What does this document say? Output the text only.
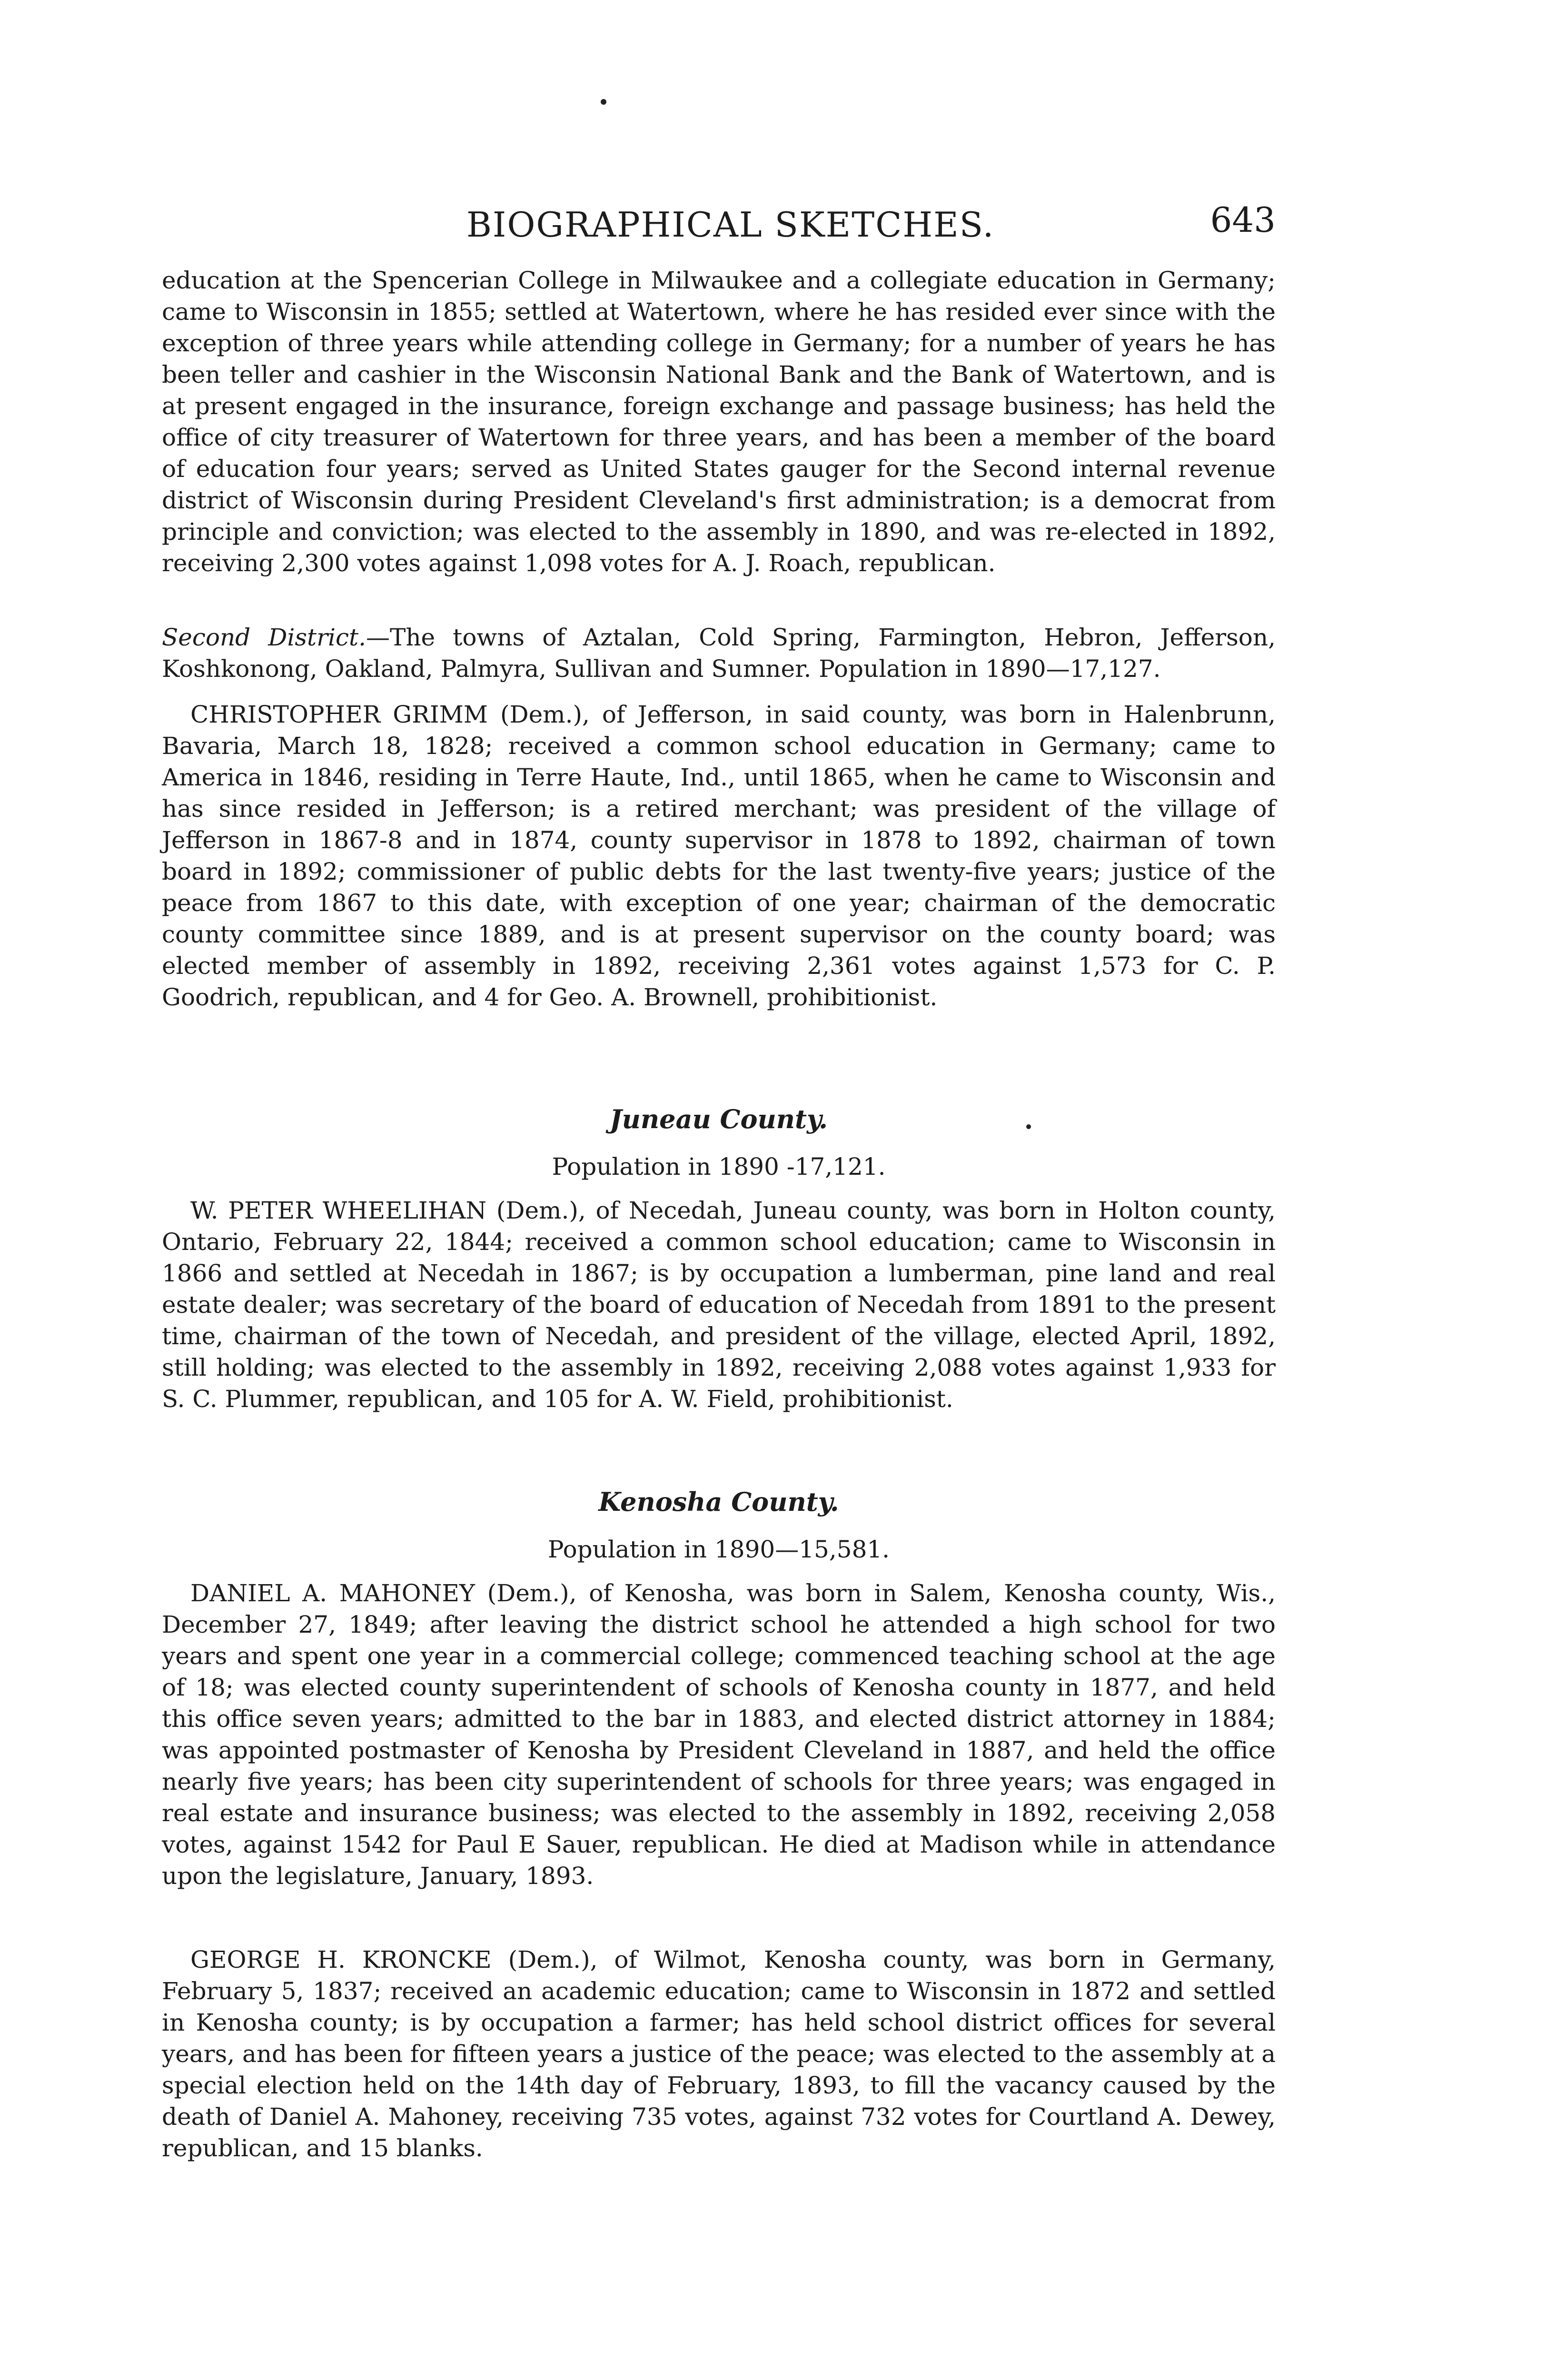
BIOGRAPHICAL SKETCHES.	643

education at the Spencerian College in Milwaukee and a collegiate education in Germany; came to Wisconsin in 1855; settled at Watertown, where he has resided ever since with the exception of three years while attending college in Germany; for a number of years he has been teller and cashier in the Wisconsin National Bank and the Bank of Watertown, and is at present engaged in the insurance, foreign exchange and passage business; has held the office of city treasurer of Watertown for three years, and has been a member of the board of education four years; served as United States gauger for the Second internal revenue district of Wisconsin during President Cleveland's first administration; is a democrat from principle and conviction; was elected to the assembly in 1890, and was re-elected in 1892, receiving 2,300 votes against 1,098 votes for A. J. Roach, republican.

Second District.—The towns of Aztalan, Cold Spring, Farmington, Hebron, Jefferson, Koshkonong, Oakland, Palmyra, Sullivan and Sumner. Population in 1890—17,127.

CHRISTOPHER GRIMM (Dem.), of Jefferson, in said county, was born in Halenbrunn, Bavaria, March 18, 1828; received a common school education in Germany; came to America in 1846, residing in Terre Haute, Ind., until 1865, when he came to Wisconsin and has since resided in Jefferson; is a retired merchant; was president of the village of Jefferson in 1867-8 and in 1874, county supervisor in 1878 to 1892, chairman of town board in 1892; commissioner of public debts for the last twenty-five years; justice of the peace from 1867 to this date, with exception of one year; chairman of the democratic county committee since 1889, and is at present supervisor on the county board; was elected member of assembly in 1892, receiving 2,361 votes against 1,573 for C. P. Goodrich, republican, and 4 for Geo. A. Brownell, prohibitionist.

Juneau County.

Population in 1890 -17,121.

W. PETER WHEELIHAN (Dem.), of Necedah, Juneau county, was born in Holton county, Ontario, February 22, 1844; received a common school education; came to Wisconsin in 1866 and settled at Necedah in 1867; is by occupation a lumberman, pine land and real estate dealer; was secretary of the board of education of Necedah from 1891 to the present time, chairman of the town of Necedah, and president of the village, elected April, 1892, still holding; was elected to the assembly in 1892, receiving 2,088 votes against 1,933 for S. C. Plummer, republican, and 105 for A. W. Field, prohibitionist.

Kenosha County.

Population in 1890—15,581.

DANIEL A. MAHONEY (Dem.), of Kenosha, was born in Salem, Kenosha county, Wis., December 27, 1849; after leaving the district school he attended a high school for two years and spent one year in a commercial college; commenced teaching school at the age of 18; was elected county superintendent of schools of Kenosha county in 1877, and held this office seven years; admitted to the bar in 1883, and elected district attorney in 1884; was appointed postmaster of Kenosha by President Cleveland in 1887, and held the office nearly five years; has been city superintendent of schools for three years; was engaged in real estate and insurance business; was elected to the assembly in 1892, receiving 2,058 votes, against 1542 for Paul E Sauer, republican. He died at Madison while in attendance upon the legislature, January, 1893.

GEORGE H. KRONCKE (Dem.), of Wilmot, Kenosha county, was born in Germany, February 5, 1837; received an academic education; came to Wisconsin in 1872 and settled in Kenosha county; is by occupation a farmer; has held school district offices for several years, and has been for fifteen years a justice of the peace; was elected to the assembly at a special election held on the 14th day of February, 1893, to fill the vacancy caused by the death of Daniel A. Mahoney, receiving 735 votes, against 732 votes for Courtland A. Dewey, republican, and 15 blanks.
